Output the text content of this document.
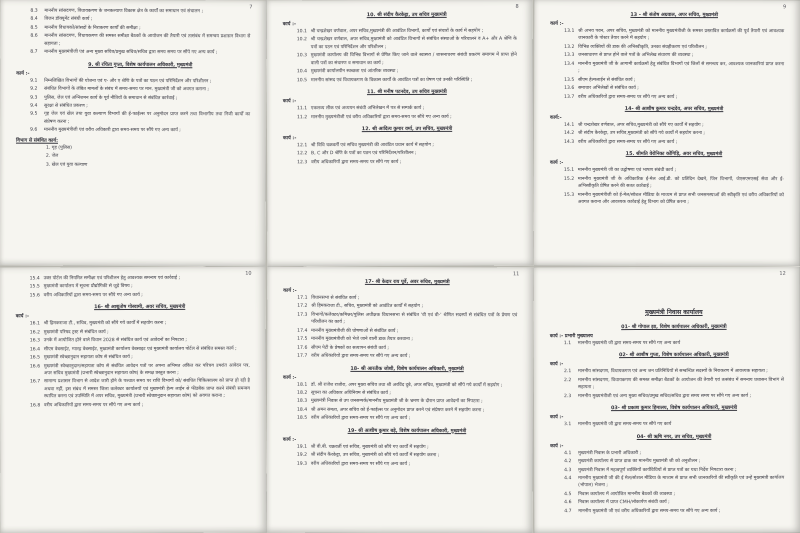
7
8.3	माननीय सांसदगण, विधायकगण के जनकल्याण विकास क्षेत्र के कार्यों का समाधान एवं संचालन ;
8.4	विजन डॉक्यूमेंट संबंधी कार्य ;
8.5	माननीय विधायकों/सांसदों के निराकरण कार्यों की समीक्षा ;
8.6	माननीय सांसदगण, विधायकगण की समस्त समीक्षा बैठकों के आयोजन की तैयारी एवं तत्संबंध में समन्वय प्रशासन विभाग से सहायता ;
8.7	माननीय मुख्यमंत्रीजी एवं अन्य मुख्य सचिव/प्रमुख सचिव/सचिव द्वारा समय समय पर सौंपे गए अन्य कार्य ;
9. श्री रचिता गुप्ता, विशेष कार्यपालन अधिकारी, मुख्यमंत्री
कार्य :-
9.1	निम्नलिखित विभागों की योजना एवं ए- और ए श्रेणि के पत्रों का पठन एवं परिनिर्देशन और परिशीलन ;
9.2	संबंधित विभागों के लंबित मामलों के संबंध में समय-समय पर मान. मुख्यमंत्री जी को अवगत कराना ;
9.3	पुलिस, जेल एवं अग्निशमन कार्य के पूर्व नीतियों के समाधान से संबंधित कार्रवाई ;
9.4	सुरक्षा से संबंधित प्रकरण ;
9.5	गृह जेल एवं खेल तथा युवा कल्याण विभागों की ई-फाईल्स पर अनुमोदन प्राप्त करने तथा विभागीय तथा निजी कार्यों का संप्रेषण करना ;
9.6	माननीय मुख्यमंत्रीजी एवं वरीय अधिकारी द्वारा समय-समय पर सौंपे गए अन्य कार्य ;
विभाग से संबंधित कार्य:
1. गृह (पुलिस)
2. जेल
3. खेल एवं युवा कल्याण
8
10. श्री संदीप कैरकेट्टा, उप सचिव मुख्यमंत्री
कार्य :-
10.1 श्री चन्द्रशेखर वर्णवाल, अपर सचिव,मुख्यमंत्री की आवंटित विभागों, कार्यों एवं संचारों के कार्य में सहयोग ;
10.2 श्री चन्द्रशेखर वर्णवाल, अपर सचिव,मुख्यमंत्री को आवंटित विभागों से संबंधित संस्थाओं के परिचालन व A+ और A श्रेणि के पत्रों का पठन एवं परिनिर्देशन और परिशीलन ;
10.3 मुख्यमंत्री कार्यालय की विभिन्न विभागों से प्रेषित किए जाने वाले स्वास्थ्य / शासनाचरण संबंधी प्रकरण समागम में प्राप्त होने वाली पत्रों का संधारण व समाधान का कार्य ;
10.4 मुख्यमंत्री कार्यालयीन स्वच्छता एवं आंतरिक व्यवस्था ;
10.5 माननीय सांसद एवं विधायकगण के विकास कार्यों के आवंटित पत्रों का प्रेषण एवं उनकी परिस्थिति ;
11. श्री मनीष पटनदेव, उप सचिव मुख्यमंत्री
कार्य :-
11.1 एकलव्य लीक एवं अध्ययन संबंधी अभिलेखन में पत्र से सम्पर्क कार्य ;
11.2 माननीय मुख्यमंत्रीजी एवं वरीय अधिकारियों द्वारा समय-समय पर सौंपे गए अन्य कार्य ;
12. श्री आदित्य कुमार वर्मा, उप सचिव, मुख्यमंत्री
कार्य :-
12.1 श्री विधि चक्रवर्ती एवं सचिव मुख्यमंत्री की आवंटित प्रधान कार्य में सहयोग ;
12.2 B, C और D श्रेणि के पत्रों का पठन एवं परिनिर्देशन/परिशीलन ;
12.3 वरीय अधिकारियों द्वारा समय-समय पर सौंपे गए कार्य ;
9
13 - श्री संतोष अग्रवाल, अपर सचिव, मुख्यमंत्री
कार्य :-
13.1 श्री अभय पवन, अपर सचिव, मुख्यमंत्री को माननीय मुख्यमंत्रीजी के समस्त प्रस्तावित कार्यक्रमों की पूर्व तैयारी एवं आवश्यक जानकारी के पोस्टर तैयार करने में सहयोग ;
13.2 विभिन्न व्यक्तियों की डाक की अभिस्वीकृति, उनका संग्रहीकरण एवं परिशीलन ;
13.3 जनसाधारण से प्राप्त होने वाले पत्रों के अभिलेख संधारण की व्यवस्था ;
13.4 माननीय मुख्यमंत्री जी के आगामी कार्यक्रमों हेतु संबंधित विभागों एवं जिलों से समन्वय कर, आवश्यक जानकारियां प्राप्त करना ;
13.5 सीएम हेल्पलाईन से संबंधित कार्य ;
13.6 समाचार अभिलेखों से संबंधित कार्य ;
13.7 वरीय अधिकारियों द्वारा समय-समय पर सौंपे गए अन्य कार्य ;
14- श्री आशीष कुमार चन्द्रदेव, अपर सचिव, मुख्यमंत्री
कार्य:-
14.1 श्री चन्द्रशेखर वर्णवाल, अपर सचिव,मुख्यमंत्री को सौंपे गए कार्यों में सहयोग ;
14.2 श्री संदीप कैरकेट्टा, उप सचिव,मुख्यमंत्री को सौंपे गये कार्यों में सहयोग करना ;
14.3 वरीय अधिकारियों द्वारा समय-समय पर सौंपे गए अन्य कार्य ;
15. श्रीमति वेरोनिका कोंगिड़ि, अवर सचिव, मुख्यमंत्री
कार्य :-
15.1 माननीय मुख्यमंत्री जी का उद्घोषणा एवं भाषण संबंधी कार्य ;
15.2 माननीय मुख्यमंत्री जी के अधिकारिक ई-मेल आई.डी. को प्रतिदिन देखने, जिन विभागों, जेएसएमएसई सेवा और ई-अभिस्वीकृति प्रेषित करने की सतत कार्रवाई ;
15.3 माननीय मुख्यमंत्रीजी को ई-मेल/सोशल मीडिया के माध्यम से प्राप्त सभी जनसमस्याओं की स्वीकृति एवं वरीय अधिकारियों को अवगत कराना और आवश्यक कार्रवाई हेतु विभाग को प्रेषित करना ;
10
15.4 उक्त पोर्टल की नियमित समीक्षा एवं परिशीलन हेतु आवश्यक समन्वय एवं कार्रवाई ;
15.5 मुख्यमंत्री कार्यालय में सूचना प्रौद्योगिकी से जुड़े विषय ;
15.6 वरीय अधिकारियों द्वारा समय-समय पर सौंपे गए अन्य कार्य ;
16- श्री आशुतोष गोस्वामी, अवर सचिव, मुख्यमंत्री
कार्य :-
16.1 श्री हिमकराजा टी., सचिव, मुख्यमंत्री को सौंपे गये कार्यों में सहयोग करना ;
16.2 मुख्यमंत्री परिषद ट्रस्ट से संबंधित कार्य ;
16.3 उनके में आयोजित होने वाले विधान 2028 से संबंधित कार्य एवं आवेदनों का निपटारा ;
16.4 सीएम वेबसाईट, ग्यारह वेबसाईट, मुख्यमंत्री कार्यालय वेबसाइट एवं मुख्यमंत्री कार्यालय पोर्टल से संबंधित समस्त कार्य ;
16.5 मुख्यमंत्री स्वेच्छानुदान सहायता कोष से संबंधित कार्य ;
16.6 मुख्यमंत्री स्वेच्छानुदान/सहायता कोष से संबंधित आवेदन पत्रों पर अपना अभिमत अंकित कर परिचय उपरांत आवेदन पत्र, अपर सचिव मुख्यमंत्री (प्रभारी स्वेच्छानुदान सहायता कोष) के समक्ष प्रस्तुत करना ;
16.7 सामान्य प्रशासन विभाग से आदेश जारी होने के पश्चात समय पर राशि विभागों को/ संबंधित चिकित्सालय को प्राप्त हो रही है अथवा नहीं, इस संबंध में समस्त जिला कलेक्टर कार्यालयों एवं मुख्यमंत्री हेल्प लाईन से फीडबैक प्राप्त करने संबंधी समन्वय स्थापित करना एवं उपस्थिति में अपर सचिव, मुख्यमंत्री (प्रभारी स्वेच्छानुदान सहायता कोष) को अवगत कराना ;
16.8 वरीय अधिकारियों द्वारा समय-समय पर सौंपे गए अन्य कार्य ;
11
17- श्री केदार राय पूर्वे, अवर सचिव, मुख्यमंत्री
कार्य :-
17.1 विधानसभा से संबंधित कार्य ;
17.2 श्री हिमकराजा टी., सचिव, मुख्यमंत्री को आवंटित कार्यों में सहयोग ;
17.3 विभागों/कलेक्टर/कमिश्नर/पुलिस अधीक्षक विधानसभा से संबंधित 'वी एवं वी-' श्रेणित सदस्यों से संबंधित पत्रों के प्रेषण एवं परिशीलन का कार्य ;
17.4 माननीय मुख्यमंत्रीजी की घोषणाओं से संबंधित कार्य ;
17.5 माननीय मुख्यमंत्रीजी को भेजे जाने वाली डाक तैयार करवाना ;
17.6 सीएम पेटी के प्रेषकों का सत्यापन संबंधी कार्य ;
17.7 वरीय अधिकारियों द्वारा समय-समय पर सौंपे गए अन्य कार्य ;
18- श्री आरतीक जोशी, विशेष कार्यपालन अधिकारी, मुख्यमंत्री
कार्य :-
18.1 डॉ. श्री राजेश राजौरा, अपर मुख्य सचिव तथा श्री अरविंद दुबे, अपर सचिव, मुख्यमंत्री को सौंपे गये कार्यों में सहयोग ;
18.2 सूचना का अधिकार अधिनियम से संबंधित कार्य ;
18.3 मुख्यमंत्री निवास से उप जनसम्पर्क/माननीय मुख्यमंत्री जी के भ्रमण के दौरान प्राप्त आवेदनों का निपटारा ;
18.4 श्री अमन समता, अपर सचिव को ई-फाईल्स पर अनुमोदन प्राप्त करने एवं संप्रेषण करने में सहयोग करना ;
18.5 वरीय अधिकारियों द्वारा समय-समय पर सौंपे गए अन्य कार्य ;
19- श्री आशीष कुमार बड़े, विशेष कार्यपालन अधिकारी, मुख्यमंत्री
कार्य :-
19.1 श्री वी.बी. चक्रवर्ती एवं सचिव, मुख्यमंत्री को सौंपे गए कार्यों में सहयोग ;
19.2 श्री संदीप कैरकेट्टा, उप सचिव, मुख्यमंत्री को सौंपे गये कार्यों में सहयोग करना ;
19.3 वरीय अधिकारियों द्वारा समय-समय पर सौंपे गए अन्य कार्य ;
12
मुख्यमंत्री निवास कार्यालय
01- श्री गोपाल झा, विशेष कार्यपालन अधिकारी, मुख्यमंत्री
कार्य :- प्रभारी मुख्यालय
1.1	माननीय मुख्यमंत्री जी द्वारा समय-समय पर सौंपे गए अन्य कार्य
02- श्री आशीष गुप्ता, विशेष कार्यपालन अधिकारी, मुख्यमंत्री
कार्य :-
2.1	माननीय सांसदगण, विधायकगण एवं अन्य जन प्रतिनिधियों से सम्बन्धित सदस्यों के निराकरण में आवश्यक सहायता ;
2.2	माननीय सांसदगण, विधायकगण की समस्त समीक्षा बैठकों के आयोजन की तैयारी एवं तत्संबंध में समन्वय प्रशासन विभाग से सहायता ;
2.3	माननीय मुख्यमंत्रीजी एवं अन्य मुख्य सचिव/प्रमुख सचिव/सचिव द्वारा समय समय पर सौंपे गए अन्य कार्य ;
03- श्री प्रकाश कुमार हिमालय, विशेष कार्यपालन अधिकारी, मुख्यमंत्री
कार्य :-
3.1	माननीय मुख्यमंत्री जी द्वारा समय-समय पर सौंपे गए कार्य
04- श्री ऋषि नगर, उप सचिव, मुख्यमंत्री
कार्य :-
4.1	मुख्यमंत्री निवास के प्रभारी अधिकारी ;
4.2	मुख्यमंत्री कार्यालय से प्राप्त डाक का माननीय मुख्यमंत्री जी को अनुशीलन ;
4.3	मुख्यमंत्री निवास में महत्वपूर्ण व्यक्तियों कार्यविधियों से प्राप्त पत्रों का यथा निर्देश निपटारा करना ;
4.4	माननीय मुख्यमंत्री जी की ई मेल/सोशल मीडिया के माध्यम से प्राप्त सभी जानकारियों की स्वीकृति एवं उन्हें मुख्यमंत्री कार्यालय (भोपाल) भेजना ;
4.5	निवास कार्यालय में आयोजित माननीय बैठकों की व्यवस्था ;
4.6	निवास कार्यालय में प्राप्त CMH/लोकार्पण संबंधी कार्य ;
4.7	माननीय मुख्यमंत्री जी एवं वरीय अधिकारियों द्वारा समय-समय पर सौंपे गए अन्य कार्य ;
